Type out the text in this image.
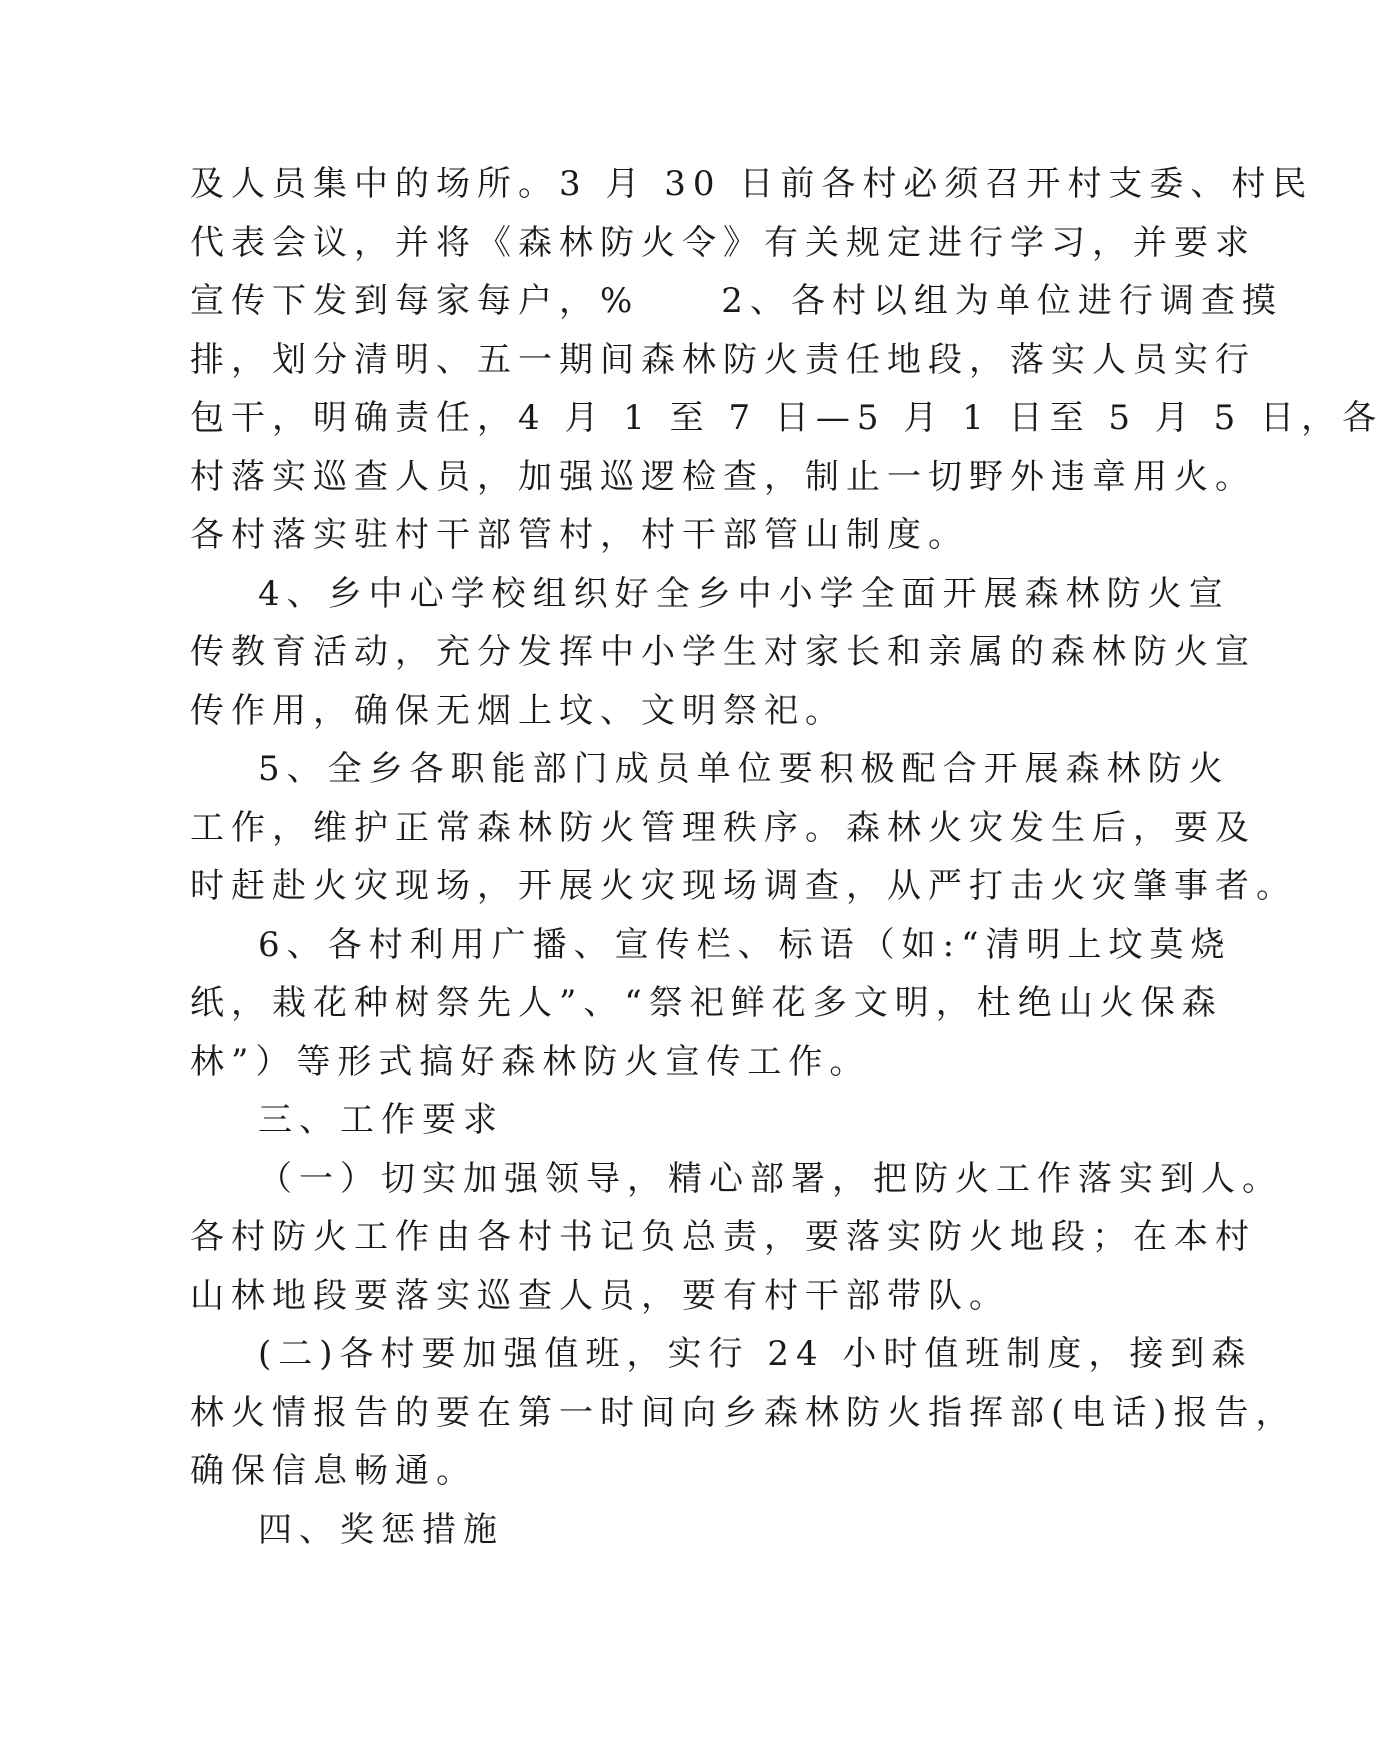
及人员集中的场所。3 月 30 日前各村必须召开村支委、村民
代表会议，并将《森林防火令》有关规定进行学习，并要求
宣传下发到每家每户，%　　2、各村以组为单位进行调查摸
排，划分清明、五一期间森林防火责任地段，落实人员实行
包干，明确责任，4 月 1 至 7 日—5 月 1 日至 5 月 5 日，各
村落实巡查人员，加强巡逻检查，制止一切野外违章用火。
各村落实驻村干部管村，村干部管山制度。
4、乡中心学校组织好全乡中小学全面开展森林防火宣
传教育活动，充分发挥中小学生对家长和亲属的森林防火宣
传作用，确保无烟上坟、文明祭祀。
5、全乡各职能部门成员单位要积极配合开展森林防火
工作，维护正常森林防火管理秩序。森林火灾发生后，要及
时赶赴火灾现场，开展火灾现场调查，从严打击火灾肇事者。
6、各村利用广播、宣传栏、标语（如:“清明上坟莫烧
纸，栽花种树祭先人”、“祭祀鲜花多文明，杜绝山火保森
林”）等形式搞好森林防火宣传工作。
三、工作要求
（一）切实加强领导，精心部署，把防火工作落实到人。
各村防火工作由各村书记负总责，要落实防火地段；在本村
山林地段要落实巡查人员，要有村干部带队。
(二)各村要加强值班，实行 24 小时值班制度，接到森
林火情报告的要在第一时间向乡森林防火指挥部(电话)报告，
确保信息畅通。
四、奖惩措施
